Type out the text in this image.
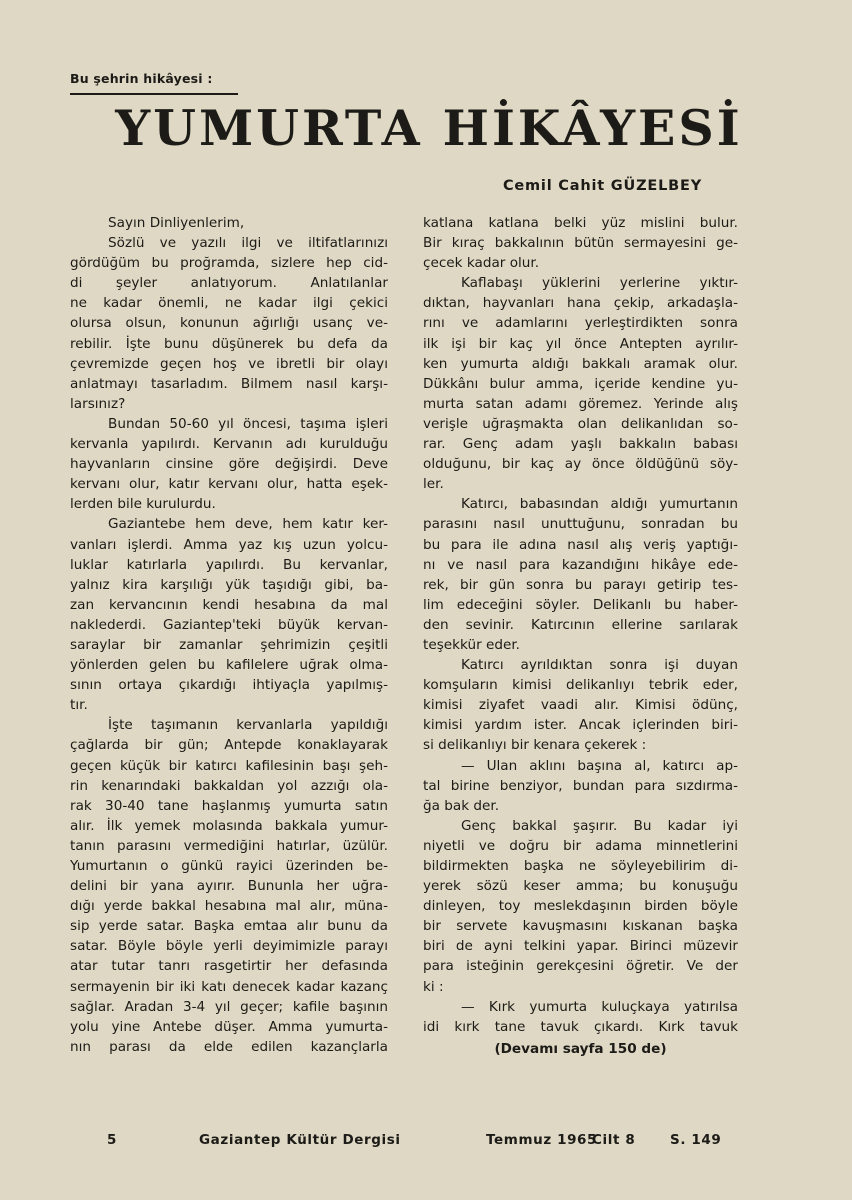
Bu şehrin hikâyesi :
YUMURTA HİKÂYESİ
Cemil Cahit GÜZELBEY
Sayın Dinliyenlerim,
Sözlü ve yazılı ilgi ve iltifatlarınızı
gördüğüm bu proğramda, sizlere hep cid-
di şeyler anlatıyorum. Anlatılanlar
ne kadar önemli, ne kadar ilgi çekici
olursa olsun, konunun ağırlığı usanç ve-
rebilir. İşte bunu düşünerek bu defa da
çevremizde geçen hoş ve ibretli bir olayı
anlatmayı tasarladım. Bilmem nasıl karşı-
larsınız?
Bundan 50-60 yıl öncesi, taşıma işleri
kervanla yapılırdı. Kervanın adı kurulduğu
hayvanların cinsine göre değişirdi. Deve
kervanı olur, katır kervanı olur, hatta eşek-
lerden bile kurulurdu.
Gaziantebe hem deve, hem katır ker-
vanları işlerdi. Amma yaz kış uzun yolcu-
luklar katırlarla yapılırdı. Bu kervanlar,
yalnız kira karşılığı yük taşıdığı gibi, ba-
zan kervancının kendi hesabına da mal
naklederdi. Gaziantep'teki büyük kervan-
saraylar bir zamanlar şehrimizin çeşitli
yönlerden gelen bu kafilelere uğrak olma-
sının ortaya çıkardığı ihtiyaçla yapılmış-
tır.
İşte taşımanın kervanlarla yapıldığı
çağlarda bir gün; Antepde konaklayarak
geçen küçük bir katırcı kafilesinin başı şeh-
rin kenarındaki bakkaldan yol azzığı ola-
rak 30-40 tane haşlanmış yumurta satın
alır. İlk yemek molasında bakkala yumur-
tanın parasını vermediğini hatırlar, üzülür.
Yumurtanın o günkü rayici üzerinden be-
delini bir yana ayırır. Bununla her uğra-
dığı yerde bakkal hesabına mal alır, müna-
sip yerde satar. Başka emtaa alır bunu da
satar. Böyle böyle yerli deyimimizle parayı
atar tutar tanrı rasgetirtir her defasında
sermayenin bir iki katı denecek kadar kazanç
sağlar. Aradan 3-4 yıl geçer; kafile başının
yolu yine Antebe düşer. Amma yumurta-
nın parası da elde edilen kazançlarla
katlana katlana belki yüz mislini bulur.
Bir kıraç bakkalının bütün sermayesini ge-
çecek kadar olur.
Kaflabaşı yüklerini yerlerine yıktır-
dıktan, hayvanları hana çekip, arkadaşla-
rını ve adamlarını yerleştirdikten sonra
ilk işi bir kaç yıl önce Antepten ayrılır-
ken yumurta aldığı bakkalı aramak olur.
Dükkânı bulur amma, içeride kendine yu-
murta satan adamı göremez. Yerinde alış
verişle uğraşmakta olan delikanlıdan so-
rar. Genç adam yaşlı bakkalın babası
olduğunu, bir kaç ay önce öldüğünü söy-
ler.
Katırcı, babasından aldığı yumurtanın
parasını nasıl unuttuğunu, sonradan bu
bu para ile adına nasıl alış veriş yaptığı-
nı ve nasıl para kazandığını hikâye ede-
rek, bir gün sonra bu parayı getirip tes-
lim edeceğini söyler. Delikanlı bu haber-
den sevinir. Katırcının ellerine sarılarak
teşekkür eder.
Katırcı ayrıldıktan sonra işi duyan
komşuların kimisi delikanlıyı tebrik eder,
kimisi ziyafet vaadi alır. Kimisi ödünç,
kimisi yardım ister. Ancak içlerinden biri-
si delikanlıyı bir kenara çekerek :
— Ulan aklını başına al, katırcı ap-
tal birine benziyor, bundan para sızdırma-
ğa bak der.
Genç bakkal şaşırır. Bu kadar iyi
niyetli ve doğru bir adama minnetlerini
bildirmekten başka ne söyleyebilirim di-
yerek sözü keser amma; bu konuşuğu
dinleyen, toy meslekdaşının birden böyle
bir servete kavuşmasını kıskanan başka
biri de ayni telkini yapar. Birinci müzevir
para isteğinin gerekçesini öğretir. Ve der
ki :
— Kırk yumurta kuluçkaya yatırılsa
idi kırk tane tavuk çıkardı. Kırk tavuk
(Devamı sayfa 150 de)
5	Gaziantep Kültür Dergisi	Temmuz 1965
Cilt 8	S. 149
